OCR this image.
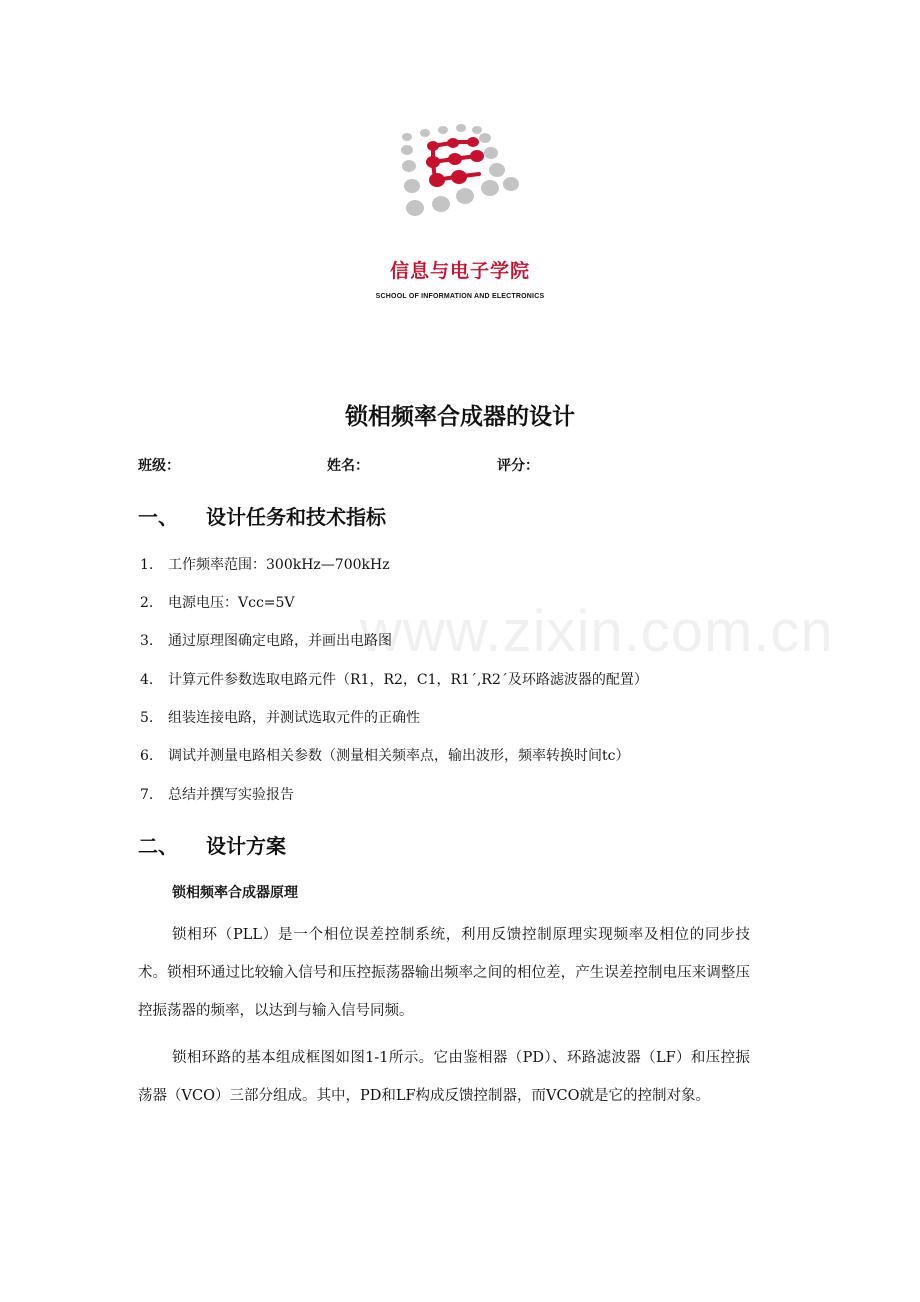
信息与电子学院
SCHOOL OF INFORMATION AND ELECTRONICS
锁相频率合成器的设计
班级：	姓名：	评分：
一、 设计任务和技术指标
1. 工作频率范围：300kHz—700kHz
2. 电源电压：Vcc=5V
3. 通过原理图确定电路，并画出电路图
4. 计算元件参数选取电路元件（R1，R2，C1，R1´,R2´及环路滤波器的配置）
5. 组装连接电路，并测试选取元件的正确性
6. 调试并测量电路相关参数（测量相关频率点，输出波形，频率转换时间tc）
7. 总结并撰写实验报告
二、 设计方案
锁相频率合成器原理
锁相环（PLL）是一个相位误差控制系统，利用反馈控制原理实现频率及相位的同步技术。锁相环通过比较输入信号和压控振荡器输出频率之间的相位差，产生误差控制电压来调整压控振荡器的频率，以达到与输入信号同频。
锁相环路的基本组成框图如图1-1所示。它由鉴相器（PD）、环路滤波器（LF）和压控振荡器（VCO）三部分组成。其中，PD和LF构成反馈控制器，而VCO就是它的控制对象。
www.zixin.com.cn
